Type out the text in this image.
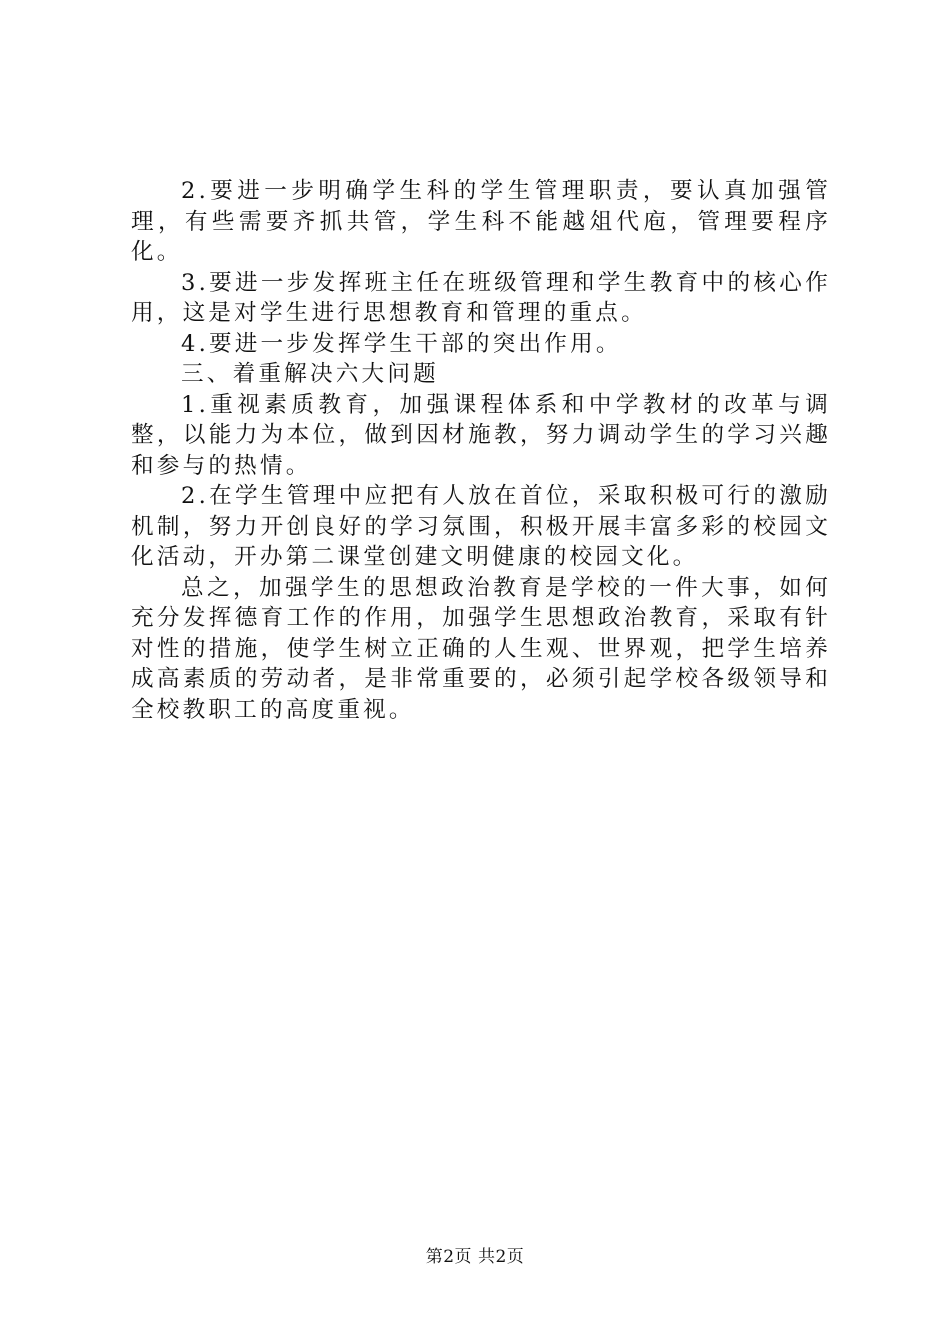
2.要进一步明确学生科的学生管理职责，要认真加强管理，有些需要齐抓共管，学生科不能越俎代庖，管理要程序化。

3.要进一步发挥班主任在班级管理和学生教育中的核心作用，这是对学生进行思想教育和管理的重点。

4.要进一步发挥学生干部的突出作用。

三、着重解决六大问题

1.重视素质教育，加强课程体系和中学教材的改革与调整，以能力为本位，做到因材施教，努力调动学生的学习兴趣和参与的热情。

2.在学生管理中应把有人放在首位，采取积极可行的激励机制，努力开创良好的学习氛围，积极开展丰富多彩的校园文化活动，开办第二课堂创建文明健康的校园文化。

总之，加强学生的思想政治教育是学校的一件大事，如何充分发挥德育工作的作用，加强学生思想政治教育，采取有针对性的措施，使学生树立正确的人生观、世界观，把学生培养成高素质的劳动者，是非常重要的，必须引起学校各级领导和全校教职工的高度重视。

第2页 共2页
